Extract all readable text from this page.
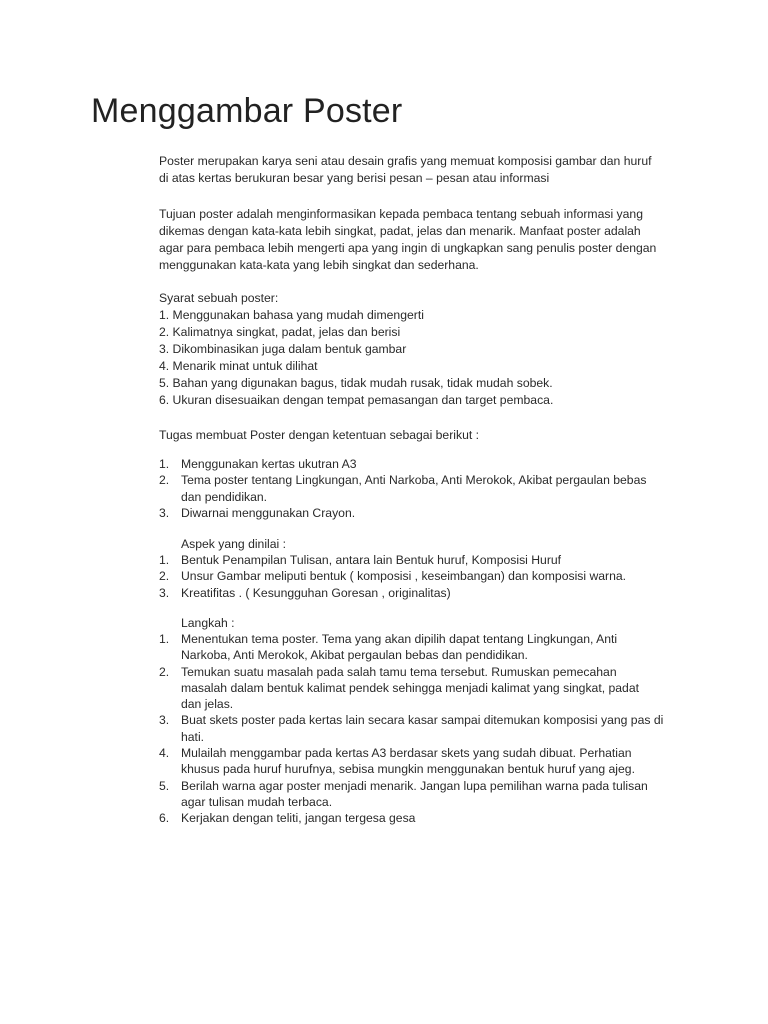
Menggambar Poster
Poster merupakan karya seni atau desain grafis yang memuat komposisi gambar dan huruf
di atas kertas berukuran besar yang berisi pesan – pesan atau informasi
Tujuan poster adalah menginformasikan kepada pembaca tentang sebuah informasi yang
dikemas dengan kata-kata lebih singkat, padat, jelas dan menarik. Manfaat poster adalah
agar para pembaca lebih mengerti apa yang ingin di ungkapkan sang penulis poster dengan
menggunakan kata-kata yang lebih singkat dan sederhana.
Syarat sebuah poster:
1. Menggunakan bahasa yang mudah dimengerti
2. Kalimatnya singkat, padat, jelas dan berisi
3. Dikombinasikan juga dalam bentuk gambar
4. Menarik minat untuk dilihat
5. Bahan yang digunakan bagus, tidak mudah rusak, tidak mudah sobek.
6. Ukuran disesuaikan dengan tempat pemasangan dan target pembaca.
Tugas membuat Poster dengan ketentuan sebagai berikut :
1. Menggunakan kertas ukutran A3
2. Tema poster tentang Lingkungan, Anti Narkoba, Anti Merokok, Akibat pergaulan bebas
dan pendidikan.
3. Diwarnai menggunakan Crayon.
Aspek yang dinilai :
1. Bentuk Penampilan Tulisan, antara lain Bentuk huruf, Komposisi Huruf
2. Unsur Gambar meliputi bentuk ( komposisi , keseimbangan) dan komposisi warna.
3. Kreatifitas . ( Kesungguhan Goresan , originalitas)
Langkah :
1. Menentukan tema poster. Tema yang akan dipilih dapat tentang Lingkungan, Anti
Narkoba, Anti Merokok, Akibat pergaulan bebas dan pendidikan.
2. Temukan suatu masalah pada salah tamu tema tersebut. Rumuskan pemecahan
masalah dalam bentuk kalimat pendek sehingga menjadi kalimat yang singkat, padat
dan jelas.
3. Buat skets poster pada kertas lain secara kasar sampai ditemukan komposisi yang pas di
hati.
4. Mulailah menggambar pada kertas A3 berdasar skets yang sudah dibuat. Perhatian
khusus pada huruf hurufnya, sebisa mungkin menggunakan bentuk huruf yang ajeg.
5. Berilah warna agar poster menjadi menarik. Jangan lupa pemilihan warna pada tulisan
agar tulisan mudah terbaca.
6. Kerjakan dengan teliti, jangan tergesa gesa
